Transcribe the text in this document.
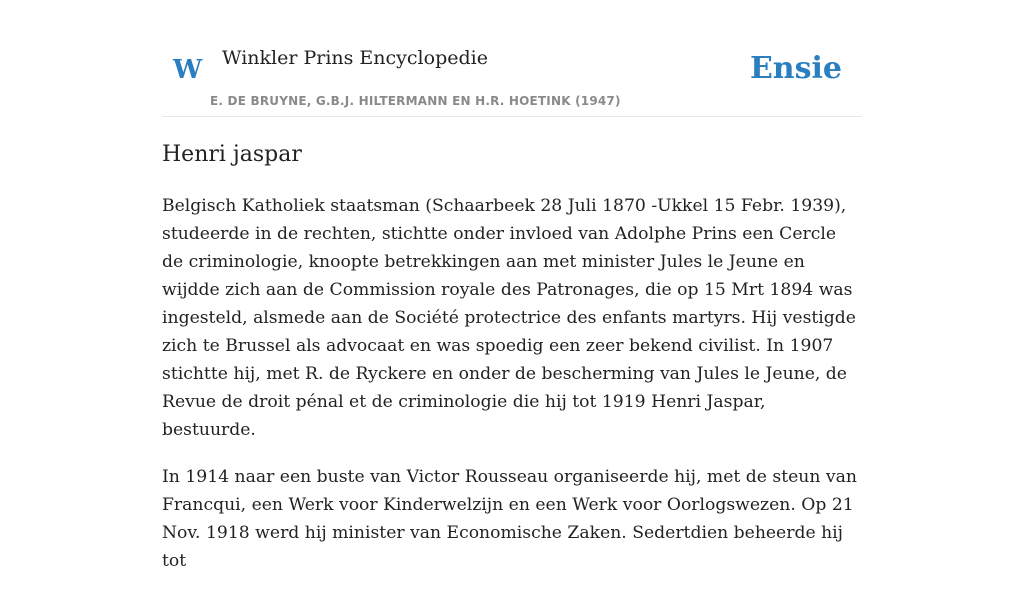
W Winkler Prins Encyclopedie
E. DE BRUYNE, G.B.J. HILTERMANN EN H.R. HOETINK (1947)
Ensie
Henri jaspar

Belgisch Katholiek staatsman (Schaarbeek 28 Juli 1870 -Ukkel 15 Febr. 1939), studeerde in de rechten, stichtte onder invloed van Adolphe Prins een Cercle de criminologie, knoopte betrekkingen aan met minister Jules le Jeune en wijdde zich aan de Commission royale des Patronages, die op 15 Mrt 1894 was ingesteld, alsmede aan de Société protectrice des enfants martyrs. Hij vestigde zich te Brussel als advocaat en was spoedig een zeer bekend civilist. In 1907 stichtte hij, met R. de Ryckere en onder de bescherming van Jules le Jeune, de Revue de droit pénal et de criminologie die hij tot 1919 Henri Jaspar, bestuurde.

In 1914 naar een buste van Victor Rousseau organiseerde hij, met de steun van Francqui, een Werk voor Kinderwelzijn en een Werk voor Oorlogswezen. Op 21 Nov. 1918 werd hij minister van Economische Zaken. Sedertdien beheerde hij tot
